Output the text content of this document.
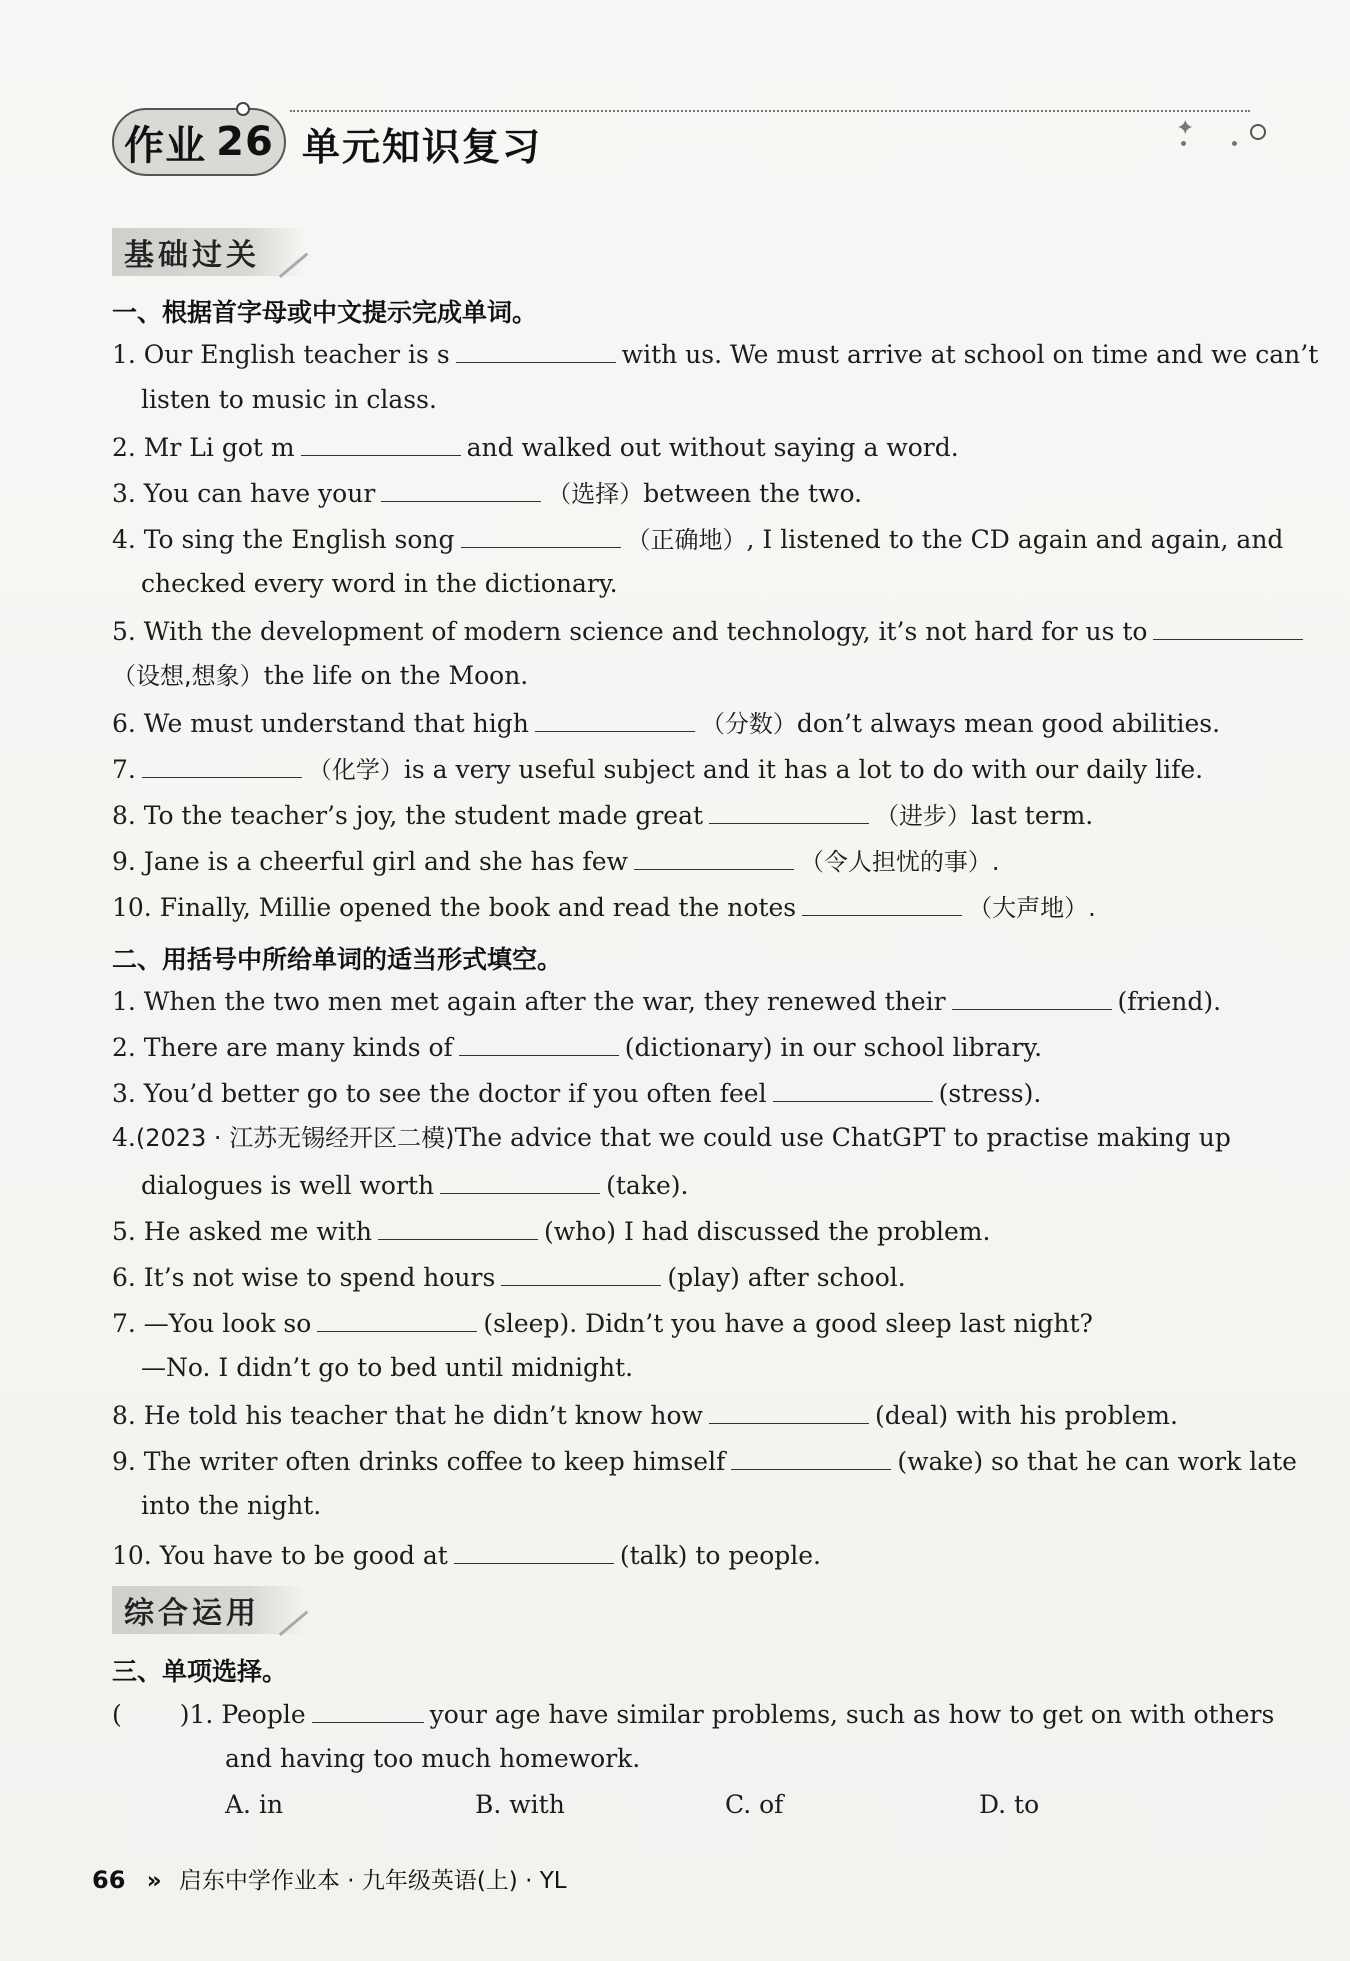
作业 26 单元知识复习	✦
基础过关
一、根据首字母或中文提示完成单词。
1. Our English teacher is s	with us. We must arrive at school on time and we can’t
listen to music in class.
2. Mr Li got m	and walked out without saying a word.
3. You can have your	（选择）between the two.
4. To sing the English song	（正确地）, I listened to the CD again and again, and
checked every word in the dictionary.
5. With the development of modern science and technology, it’s not hard for us to
（设想,想象）the life on the Moon.
6. We must understand that high	（分数）don’t always mean good abilities.
7.	（化学）is a very useful subject and it has a lot to do with our daily life.
8. To the teacher’s joy, the student made great	（进步）last term.
9. Jane is a cheerful girl and she has few	（令人担忧的事）.
10. Finally, Millie opened the book and read the notes	（大声地）.
二、用括号中所给单词的适当形式填空。
1. When the two men met again after the war, they renewed their	(friend).
2. There are many kinds of	(dictionary) in our school library.
3. You’d better go to see the doctor if you often feel	(stress).
4.(2023 · 江苏无锡经开区二模)The advice that we could use ChatGPT to practise making up
dialogues is well worth	(take).
5. He asked me with	(who) I had discussed the problem.
6. It’s not wise to spend hours	(play) after school.
7. —You look so	(sleep). Didn’t you have a good sleep last night?
—No. I didn’t go to bed until midnight.
8. He told his teacher that he didn’t know how	(deal) with his problem.
9. The writer often drinks coffee to keep himself	(wake) so that he can work late
into the night.
10. You have to be good at	(talk) to people.
综合运用
三、单项选择。
( )1. People	your age have similar problems, such as how to get on with others
and having too much homework.
A. in	B. with	C. of	D. to
66 » 启东中学作业本 · 九年级英语(上) · YL
